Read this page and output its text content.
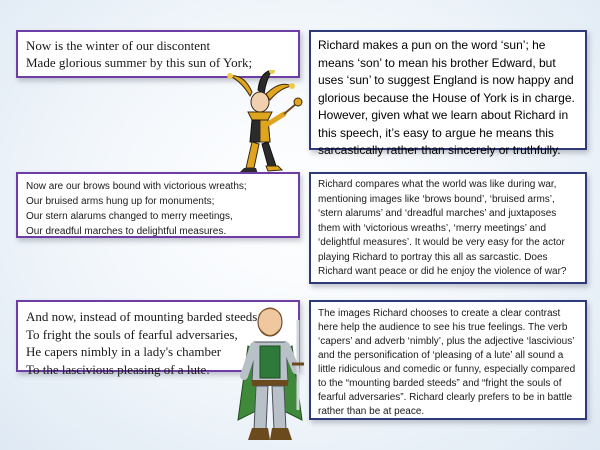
Now is the winter of our discontent
Made glorious summer by this sun of York;
Richard makes a pun on the word ‘sun’; he means ‘son’ to mean his brother Edward, but uses ‘sun’ to suggest England is now happy and glorious because the House of York is in charge. However, given what we learn about Richard in this speech, it’s easy to argue he means this sarcastically rather than sincerely or truthfully.
Now are our brows bound with victorious wreaths;
Our bruised arms hung up for monuments;
Our stern alarums changed to merry meetings,
Our dreadful marches to delightful measures.
Richard compares what the world was like during war, mentioning images like ‘brows bound’, ‘bruised arms’, ‘stern alarums’ and ‘dreadful marches’ and juxtaposes them with ‘victorious wreaths’, ‘merry meetings’ and ‘delightful measures’. It would be very easy for the actor playing Richard to portray this all as sarcastic. Does Richard want peace or did he enjoy the violence of war?
And now, instead of mounting barded steeds
To fright the souls of fearful adversaries,
He capers nimbly in a lady's chamber
To the lascivious pleasing of a lute.
The images Richard chooses to create a clear contrast here help the audience to see his true feelings. The verb ‘capers’ and adverb ‘nimbly’, plus the adjective ‘lascivious’ and the personification of ‘pleasing of a lute’ all sound a little ridiculous and comedic or funny, especially compared to the “mounting barded steeds” and “fright the souls of fearful adversaries”. Richard clearly prefers to be in battle rather than be at peace.
